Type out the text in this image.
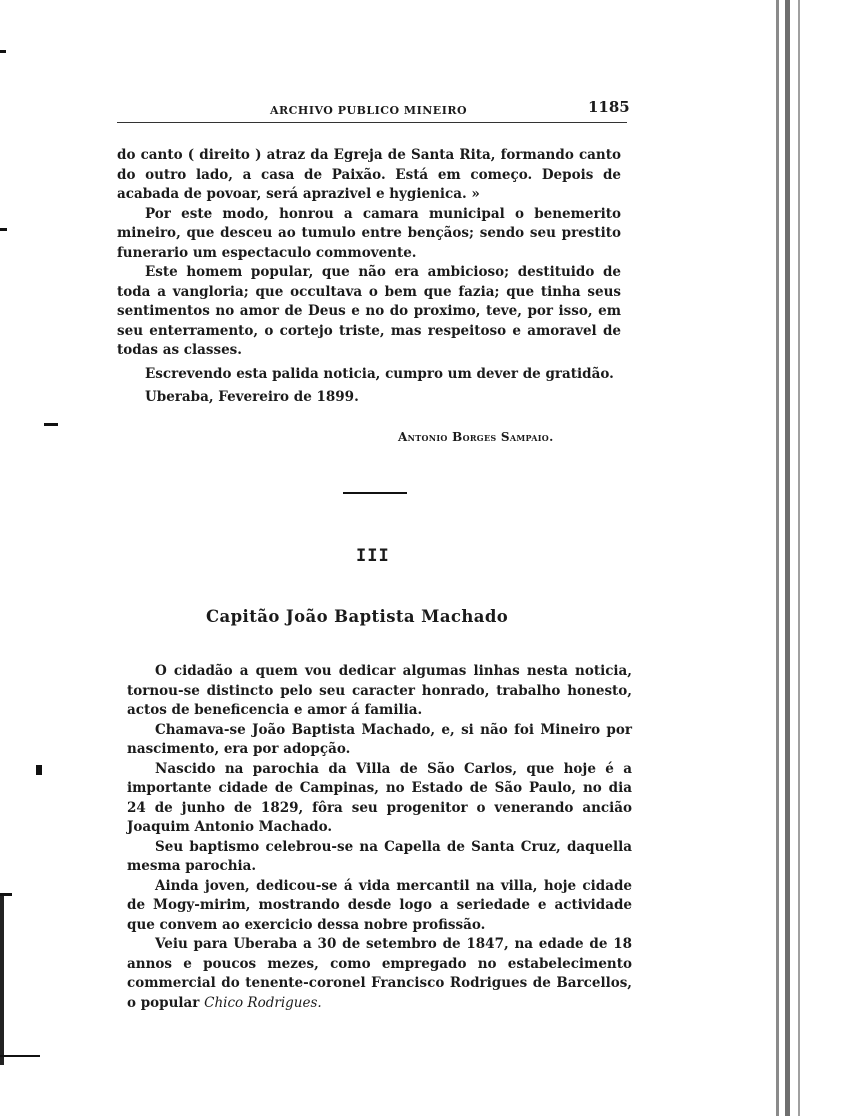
ARCHIVO PUBLICO MINEIRO	1185

do canto ( direito ) atraz da Egreja de Santa Rita, formando canto do outro lado, a casa de Paixão. Está em começo. Depois de acabada de povoar, será aprazivel e hygienica. »

Por este modo, honrou a camara municipal o benemerito mineiro, que desceu ao tumulo entre bençãos; sendo seu prestito funerario um espectaculo commovente.

Este homem popular, que não era ambicioso; destituido de toda a vangloria; que occultava o bem que fazia; que tinha seus sentimentos no amor de Deus e no do proximo, teve, por isso, em seu enterramento, o cortejo triste, mas respeitoso e amoravel de todas as classes.

Escrevendo esta palida noticia, cumpro um dever de gratidão.

Uberaba, Fevereiro de 1899.

Antonio Borges Sampaio.
III
Capitão João Baptista Machado

O cidadão a quem vou dedicar algumas linhas nesta noticia, tornou-se distincto pelo seu caracter honrado, trabalho honesto, actos de beneficencia e amor á familia.

Chamava-se João Baptista Machado, e, si não foi Mineiro por nascimento, era por adopção.

Nascido na parochia da Villa de São Carlos, que hoje é a importante cidade de Campinas, no Estado de São Paulo, no dia 24 de junho de 1829, fôra seu progenitor o venerando ancião Joaquim Antonio Machado.

Seu baptismo celebrou-se na Capella de Santa Cruz, daquella mesma parochia.

Ainda joven, dedicou-se á vida mercantil na villa, hoje cidade de Mogy-mirim, mostrando desde logo a seriedade e actividade que convem ao exercicio dessa nobre profissão.

Veiu para Uberaba a 30 de setembro de 1847, na edade de 18 annos e poucos mezes, como empregado no estabelecimento commercial do tenente-coronel Francisco Rodrigues de Barcellos, o popular Chico Rodrigues.
